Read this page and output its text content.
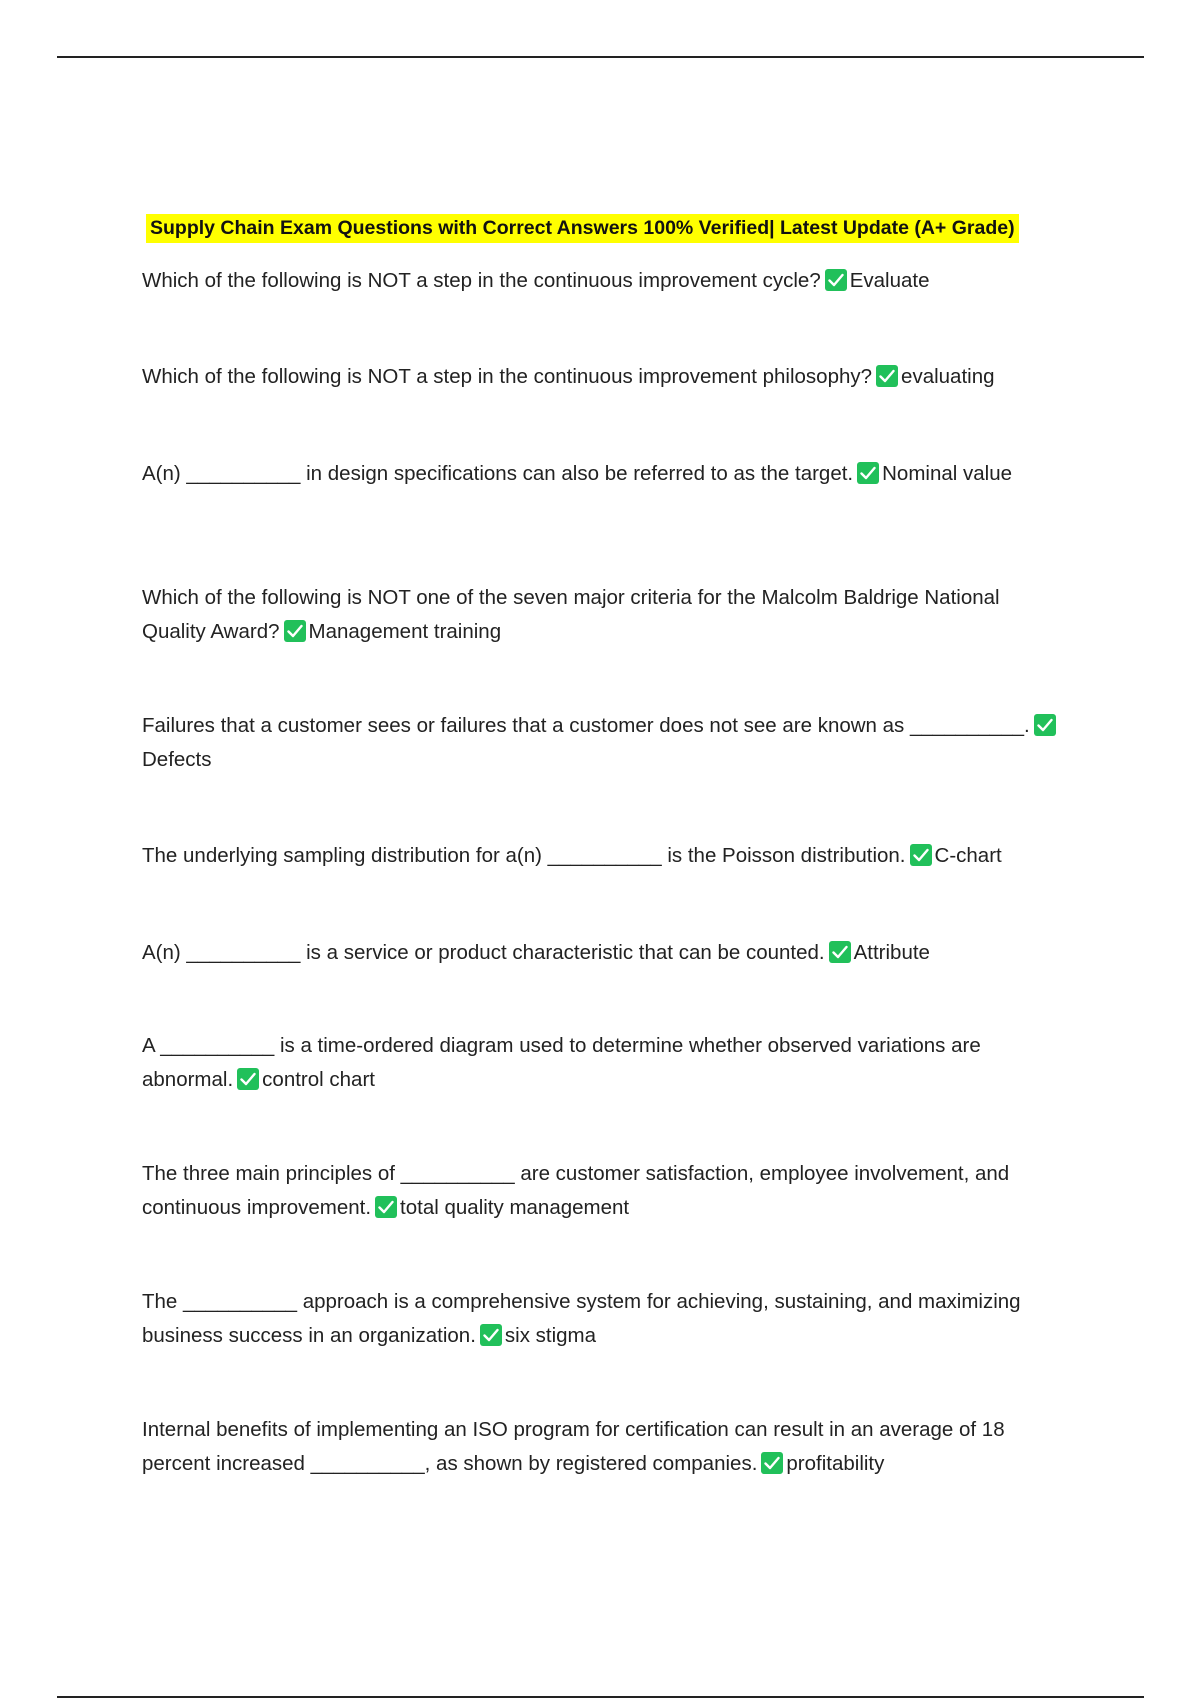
Supply Chain Exam Questions with Correct Answers 100% Verified| Latest Update (A+ Grade)
Which of the following is NOT a step in the continuous improvement cycle? Evaluate
Which of the following is NOT a step in the continuous improvement philosophy? evaluating
A(n) __________ in design specifications can also be referred to as the target. Nominal value
Which of the following is NOT one of the seven major criteria for the Malcolm Baldrige National Quality Award? Management training
Failures that a customer sees or failures that a customer does not see are known as __________.
Defects
The underlying sampling distribution for a(n) __________ is the Poisson distribution. C-chart
A(n) __________ is a service or product characteristic that can be counted. Attribute
A __________ is a time-ordered diagram used to determine whether observed variations are abnormal. control chart
The three main principles of __________ are customer satisfaction, employee involvement, and continuous improvement. total quality management
The __________ approach is a comprehensive system for achieving, sustaining, and maximizing business success in an organization. six stigma
Internal benefits of implementing an ISO program for certification can result in an average of 18 percent increased __________, as shown by registered companies. profitability
